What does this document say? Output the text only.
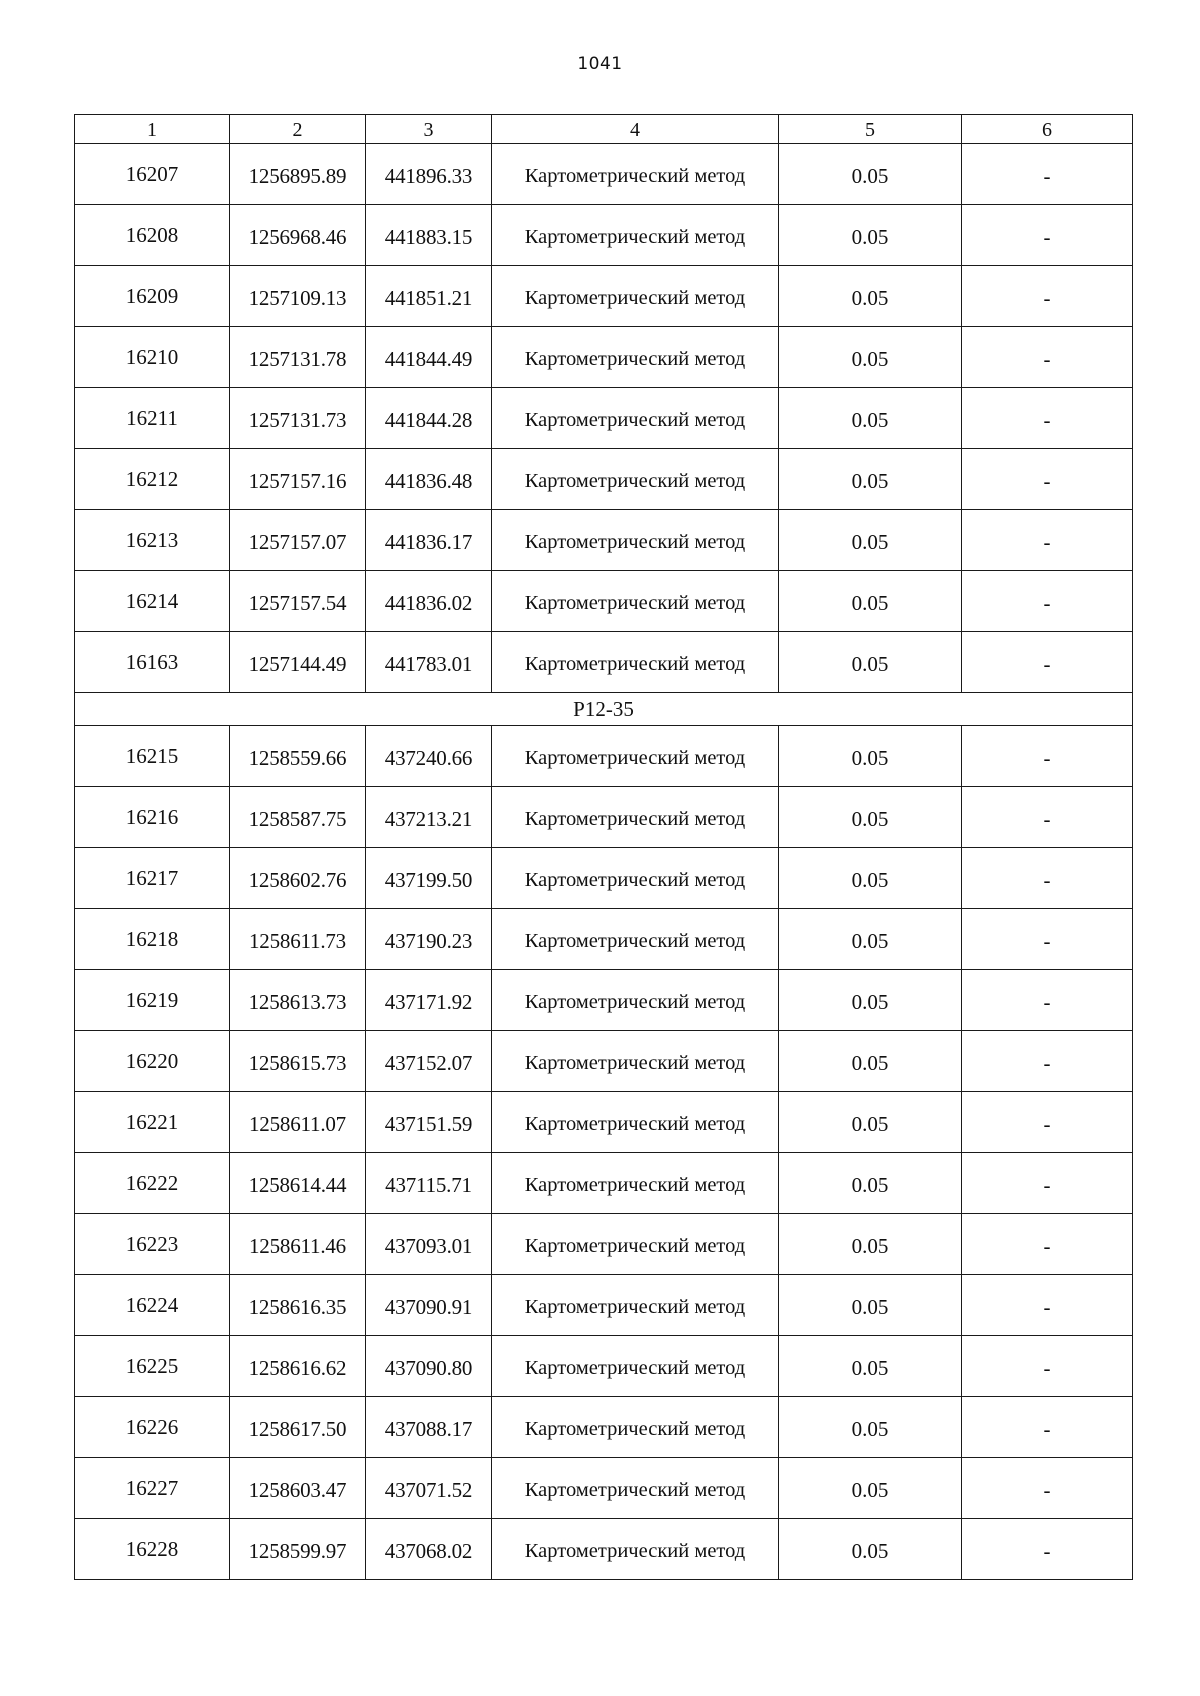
1041
1	2	3	4	5	6
16207	1256895.89	441896.33	Картометрический метод	0.05	-
16208	1256968.46	441883.15	Картометрический метод	0.05	-
16209	1257109.13	441851.21	Картометрический метод	0.05	-
16210	1257131.78	441844.49	Картометрический метод	0.05	-
16211	1257131.73	441844.28	Картометрический метод	0.05	-
16212	1257157.16	441836.48	Картометрический метод	0.05	-
16213	1257157.07	441836.17	Картометрический метод	0.05	-
16214	1257157.54	441836.02	Картометрический метод	0.05	-
16163	1257144.49	441783.01	Картометрический метод	0.05	-
Р12-35					
16215	1258559.66	437240.66	Картометрический метод	0.05	-
16216	1258587.75	437213.21	Картометрический метод	0.05	-
16217	1258602.76	437199.50	Картометрический метод	0.05	-
16218	1258611.73	437190.23	Картометрический метод	0.05	-
16219	1258613.73	437171.92	Картометрический метод	0.05	-
16220	1258615.73	437152.07	Картометрический метод	0.05	-
16221	1258611.07	437151.59	Картометрический метод	0.05	-
16222	1258614.44	437115.71	Картометрический метод	0.05	-
16223	1258611.46	437093.01	Картометрический метод	0.05	-
16224	1258616.35	437090.91	Картометрический метод	0.05	-
16225	1258616.62	437090.80	Картометрический метод	0.05	-
16226	1258617.50	437088.17	Картометрический метод	0.05	-
16227	1258603.47	437071.52	Картометрический метод	0.05	-
16228	1258599.97	437068.02	Картометрический метод	0.05	-
